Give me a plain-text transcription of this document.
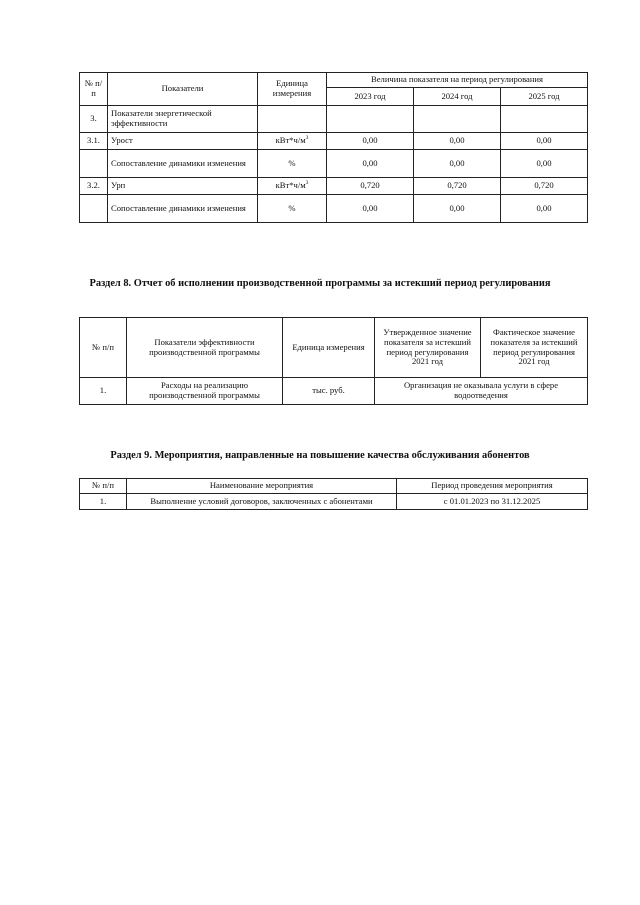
№ п/п	Показатели	Единица измерения	Величина показателя на период регулирования		
			2023 год	2024 год	2025 год
3.	Показатели энергетической эффективности				
3.1.	Урост	$кВт*ч/м^3$	0,00	0,00	0,00
	Сопоставление динамики изменения	%	0,00	0,00	0,00
3.2.	Урп	$кВт*ч/м^3$	0,720	0,720	0,720
	Сопоставление динамики изменения	%	0,00	0,00	0,00
Раздел 8. Отчет об исполнении производственной программы за истекший период регулирования
№ п/п	Показатели эффективности производственной программы	Единица измерения	Утвержденное значение показателя за истекший период регулирования 2021 год	Фактическое значение показателя за истекший период регулирования 2021 год
1.	Расходы на реализацию производственной программы	тыс. руб.	Организация не оказывала услуги в сфере водоотведения	
Раздел 9. Мероприятия, направленные на повышение качества обслуживания абонентов
№ п/п	Наименование мероприятия	Период проведения мероприятия
1.	Выполнение условий договоров, заключенных с абонентами	с 01.01.2023 по 31.12.2025
